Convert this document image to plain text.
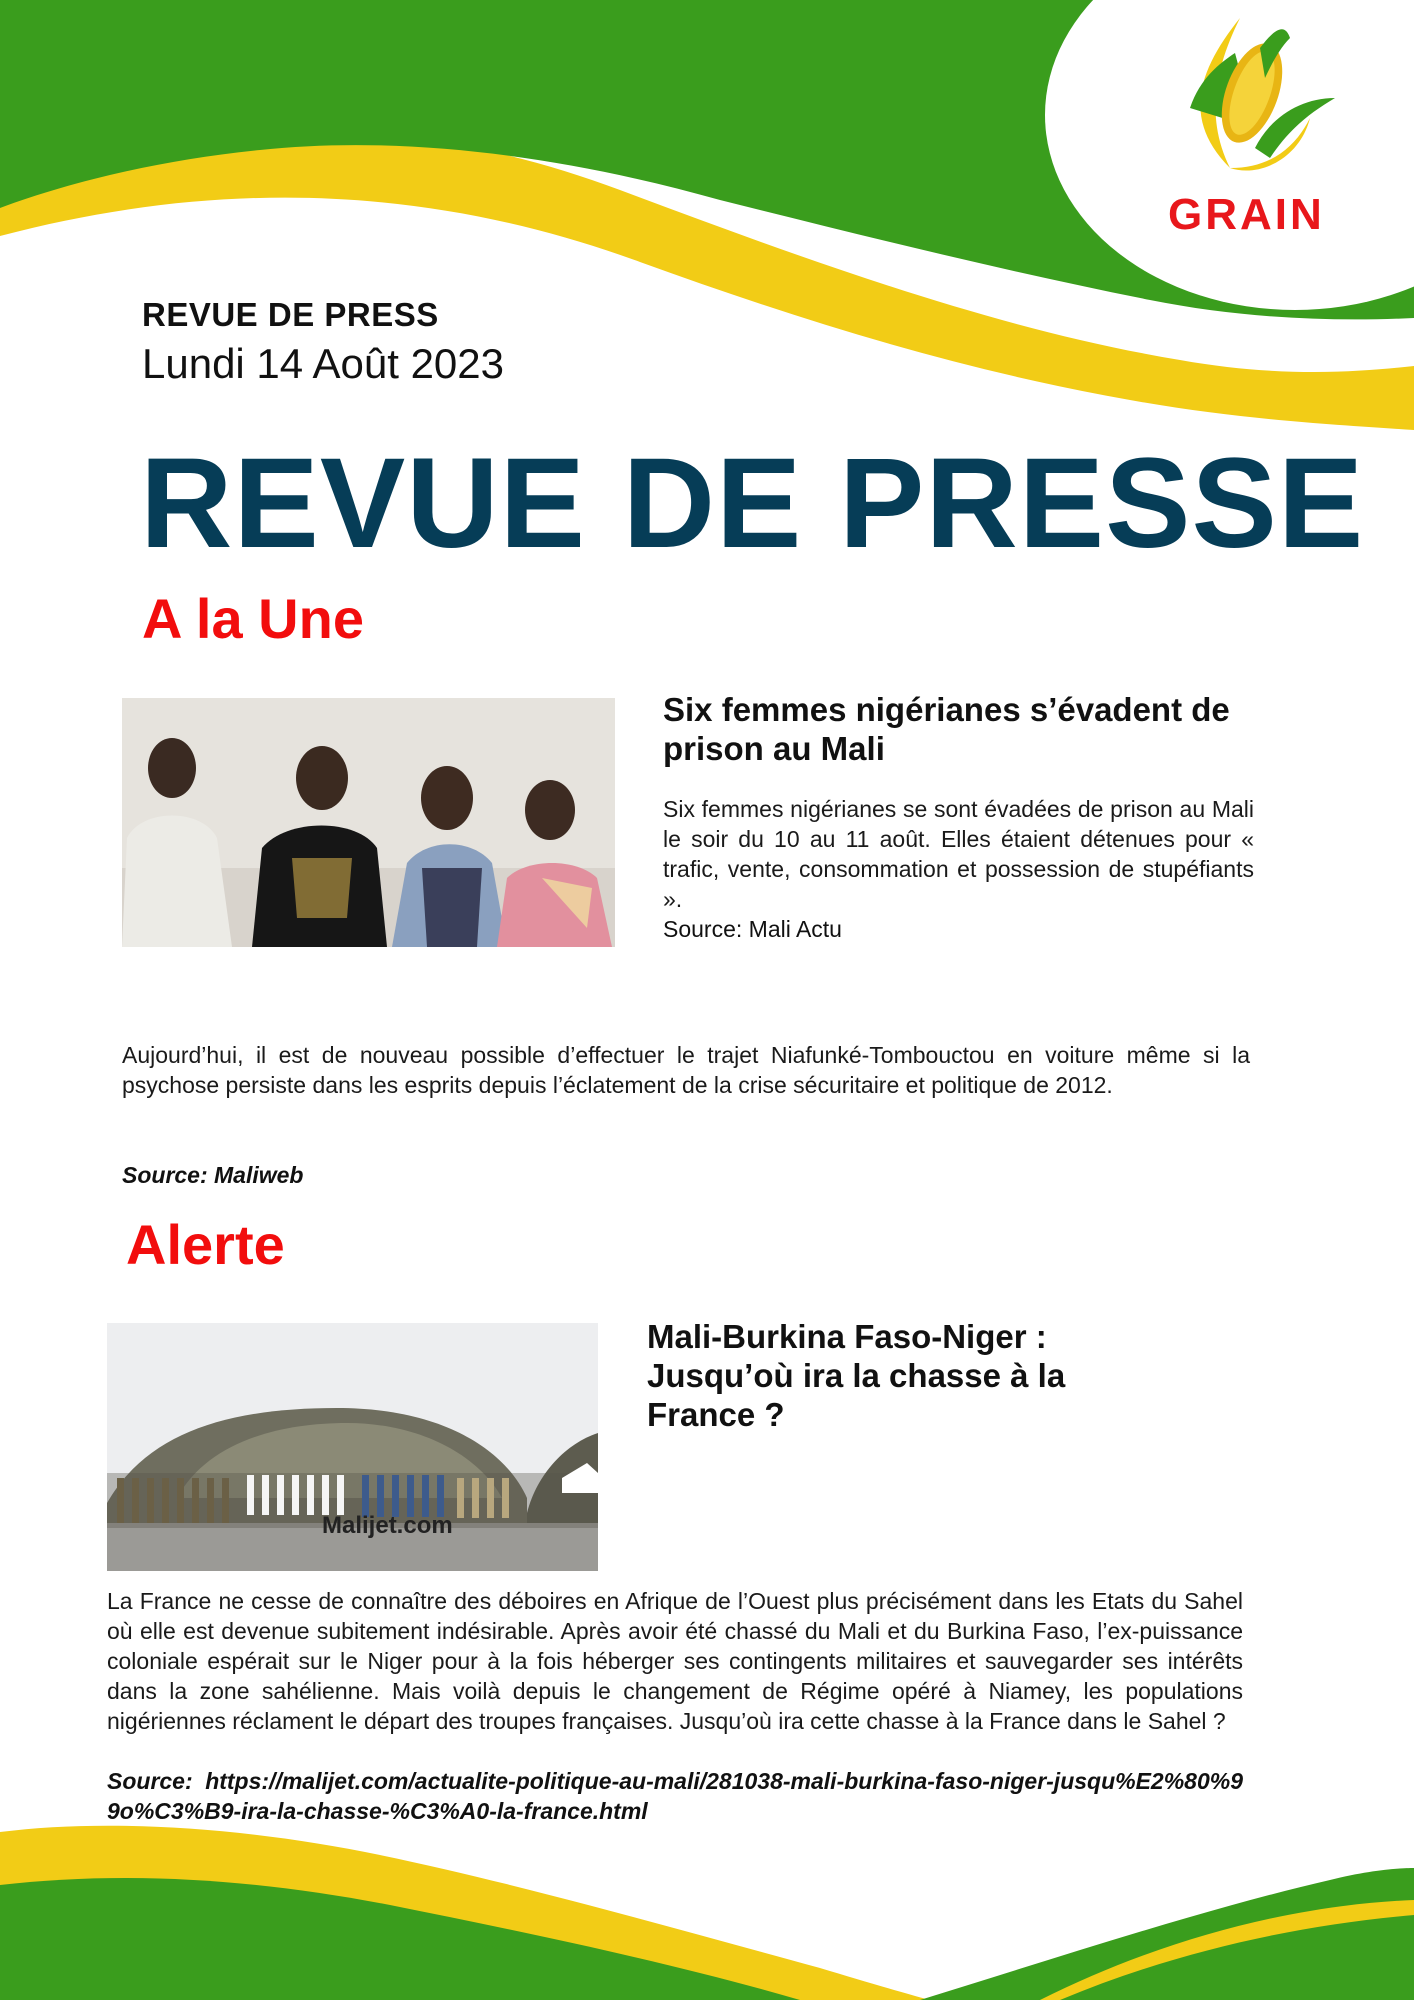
GRAIN
REVUE DE PRESS
Lundi 14 Août 2023
REVUE DE PRESSE
A la Une
Six femmes nigérianes s’évadent de prison au Mali
Six femmes nigérianes se sont évadées de prison au Mali le soir du 10 au 11 août. Elles étaient détenues pour « trafic, vente, consommation et possession de stupéfiants ».
Source: Mali Actu
Aujourd’hui, il est de nouveau possible d’effectuer le trajet Niafunké-Tombouctou en voiture même si la psychose persiste dans les esprits depuis l’éclatement de la crise sécuritaire et politique de 2012.
Source: Maliweb
Alerte
Malijet.com
Mali-Burkina Faso-Niger : Jusqu’où ira la chasse à la France ?
La France ne cesse de connaître des déboires en Afrique de l’Ouest plus précisément dans les Etats du Sahel où elle est devenue subitement indésirable. Après avoir été chassé du Mali et du Burkina Faso, l’ex-puissance coloniale espérait sur le Niger pour à la fois héberger ses contingents militaires et sauvegarder ses intérêts dans la zone sahélienne. Mais voilà depuis le changement de Régime opéré à Niamey, les populations nigériennes réclament le départ des troupes françaises. Jusqu’où ira cette chasse à la France dans le Sahel ?
Source: https://malijet.com/actualite-politique-au-mali/281038-mali-burkina-faso-niger-jusqu%E2%80%99o%C3%B9-ira-la-chasse-%C3%A0-la-france.html
